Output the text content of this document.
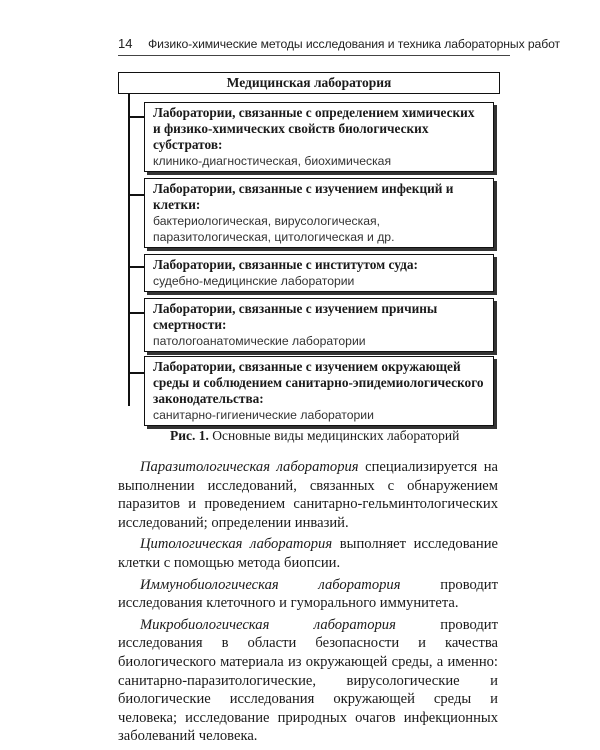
14 Физико-химические методы исследования и техника лабораторных работ
Медицинская лаборатория
Лаборатории, связанные с определением химических и физико-химических свойств биологических субстратов:
клинико-диагностическая, биохимическая
Лаборатории, связанные с изучением инфекций и клетки:
бактериологическая, вирусологическая, паразитологическая, цитологическая и др.
Лаборатории, связанные с институтом суда:
судебно-медицинские лаборатории
Лаборатории, связанные с изучением причины смертности:
патологоанатомические лаборатории
Лаборатории, связанные с изучением окружающей среды и соблюдением санитарно-эпидемиологического законодательства:
санитарно-гигиенические лаборатории
Рис. 1. Основные виды медицинских лабораторий

Паразитологическая лаборатория специализируется на выполнении исследований, связанных с обнаружением паразитов и проведением санитарно-гельминтологических исследований; определении инвазий.

Цитологическая лаборатория выполняет исследование клетки с помощью метода биопсии.

Иммунобиологическая лаборатория проводит исследования клеточного и гуморального иммунитета.

Микробиологическая лаборатория проводит исследования в области безопасности и качества биологического материала из окружающей среды, а именно: санитарно-паразитологические, вирусологические и биологические исследования окружающей среды и человека; исследование природных очагов инфекционных заболеваний человека.
